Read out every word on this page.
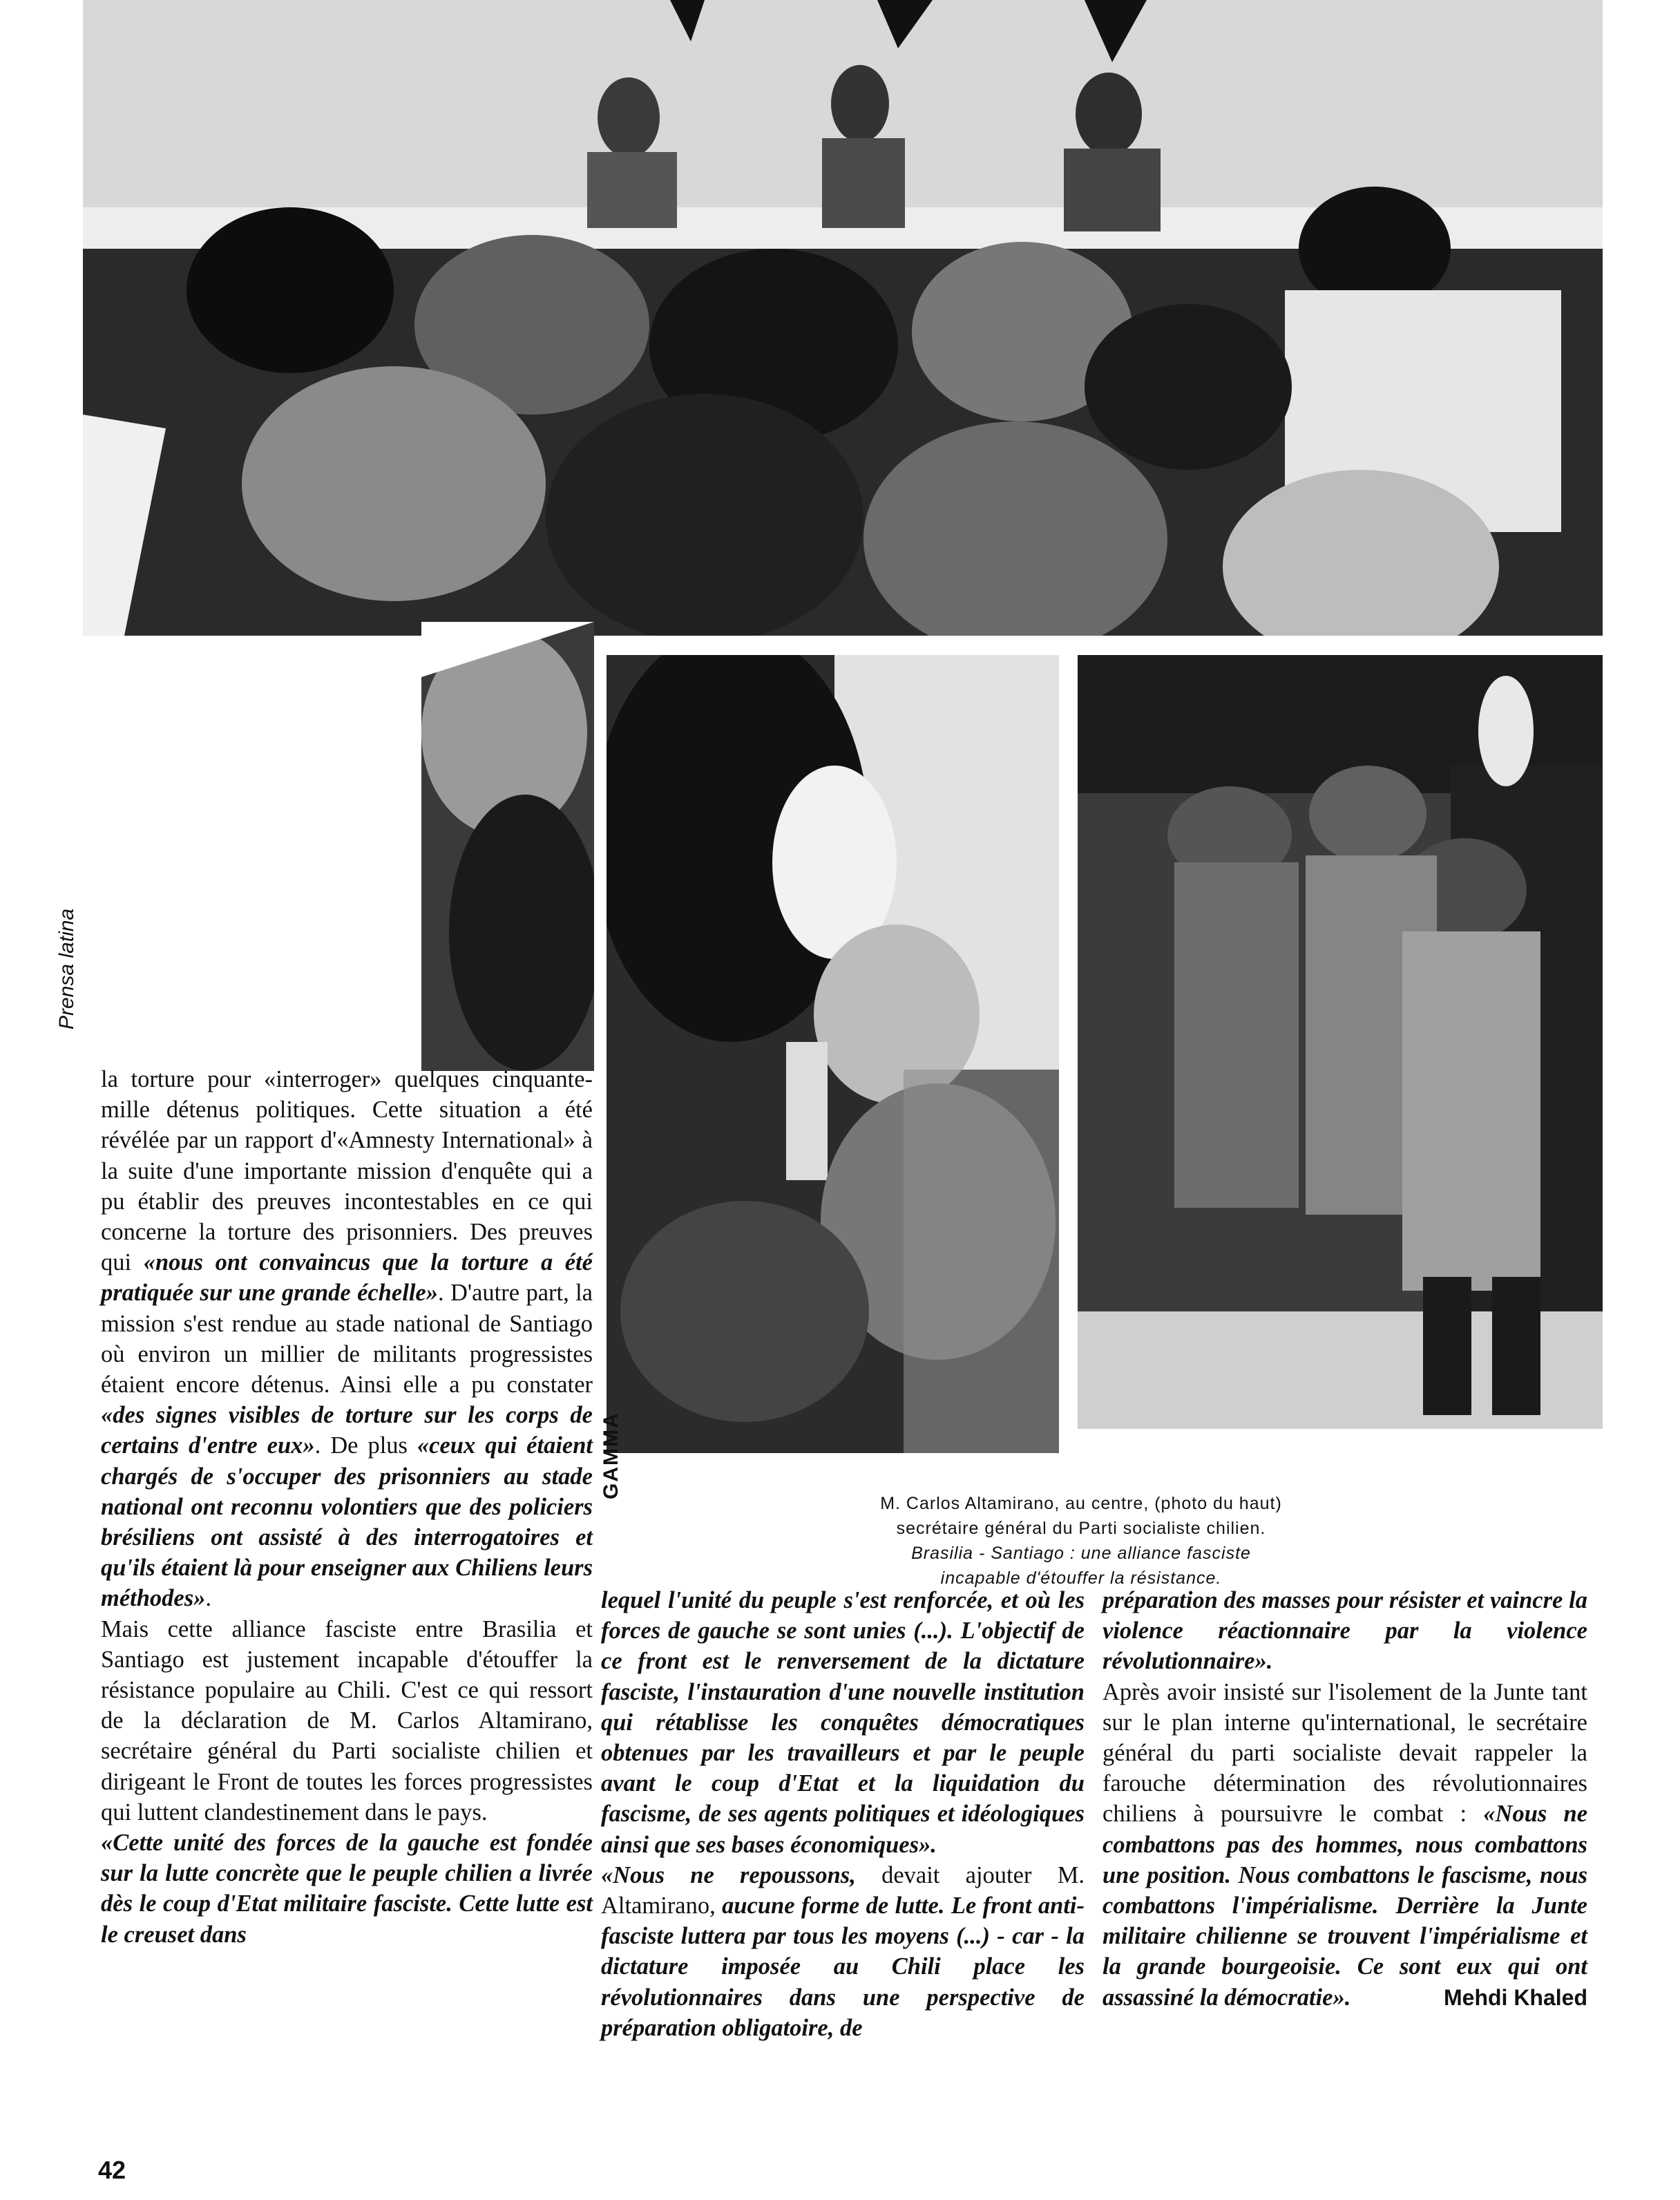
Prensa latina
GAMMA
M. Carlos Altamirano, au centre, (photo du haut)
secrétaire général du Parti socialiste chilien.
Brasilia - Santiago : une alliance fasciste
incapable d'étouffer la résistance.

la torture pour «interroger» quelques cinquante-mille détenus politiques. Cette situation a été révélée par un rapport d'«Amnesty International» à la suite d'une importante mission d'enquête qui a pu établir des preuves incontestables en ce qui concerne la torture des prisonniers. Des preuves qui «nous ont convaincus que la torture a été pratiquée sur une grande échelle». D'autre part, la mission s'est rendue au stade national de Santiago où environ un millier de militants progressistes étaient encore détenus. Ainsi elle a pu constater «des signes visibles de torture sur les corps de certains d'entre eux». De plus «ceux qui étaient chargés de s'occuper des prisonniers au stade national ont reconnu volontiers que des policiers brésiliens ont assisté à des interrogatoires et qu'ils étaient là pour enseigner aux Chiliens leurs méthodes».

Mais cette alliance fasciste entre Brasilia et Santiago est justement incapable d'étouffer la résistance populaire au Chili. C'est ce qui ressort de la déclaration de M. Carlos Altamirano, secrétaire général du Parti socialiste chilien et dirigeant le Front de toutes les forces progressistes qui luttent clandestinement dans le pays.

«Cette unité des forces de la gauche est fondée sur la lutte concrète que le peuple chilien a livrée dès le coup d'Etat militaire fasciste. Cette lutte est le creuset dans

lequel l'unité du peuple s'est renforcée, et où les forces de gauche se sont unies (...). L'objectif de ce front est le renversement de la dictature fasciste, l'instauration d'une nouvelle institution qui rétablisse les conquêtes démocratiques obtenues par les travailleurs et par le peuple avant le coup d'Etat et la liquidation du fascisme, de ses agents politiques et idéologiques ainsi que ses bases économiques».

«Nous ne repoussons, devait ajouter M. Altamirano, aucune forme de lutte. Le front anti-fasciste luttera par tous les moyens (...) - car - la dictature imposée au Chili place les révolutionnaires dans une perspective de préparation obligatoire, de

préparation des masses pour résister et vaincre la violence réactionnaire par la violence révolutionnaire».

Après avoir insisté sur l'isolement de la Junte tant sur le plan interne qu'international, le secrétaire général du parti socialiste devait rappeler la farouche détermination des révolutionnaires chiliens à poursuivre le combat : «Nous ne combattons pas des hommes, nous combattons une position. Nous combattons le fascisme, nous combattons l'impérialisme. Derrière la Junte militaire chilienne se trouvent l'impérialisme et la grande bourgeoisie. Ce sont eux qui ont assassiné la démocratie».	Mehdi Khaled

42
